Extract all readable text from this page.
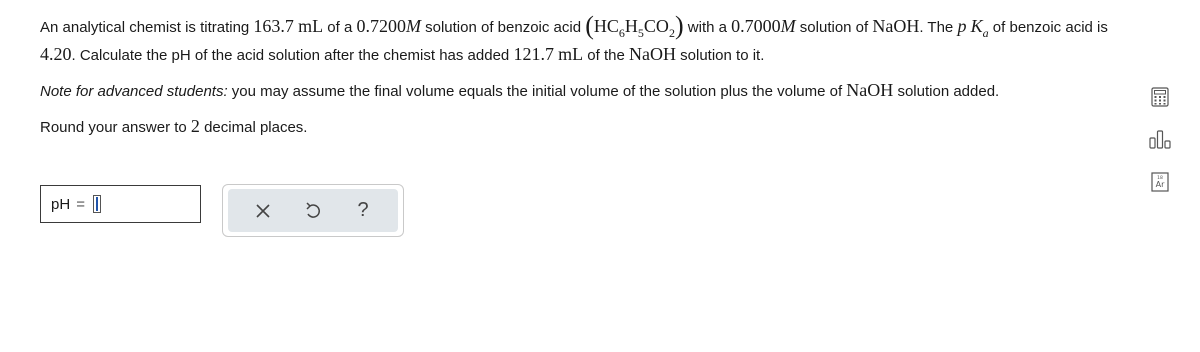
An analytical chemist is titrating 163.7 mL of a 0.7200M solution of benzoic acid $(HC_6H_5CO_2)$ with a 0.7000M solution of NaOH. The p $K_a$ of benzoic acid is
4.20. Calculate the pH of the acid solution after the chemist has added 121.7 mL of the NaOH solution to it.
Note for advanced students: you may assume the final volume equals the initial volume of the solution plus the volume of NaOH solution added.
Round your answer to 2 decimal places.
pH =	?
18
Ar
